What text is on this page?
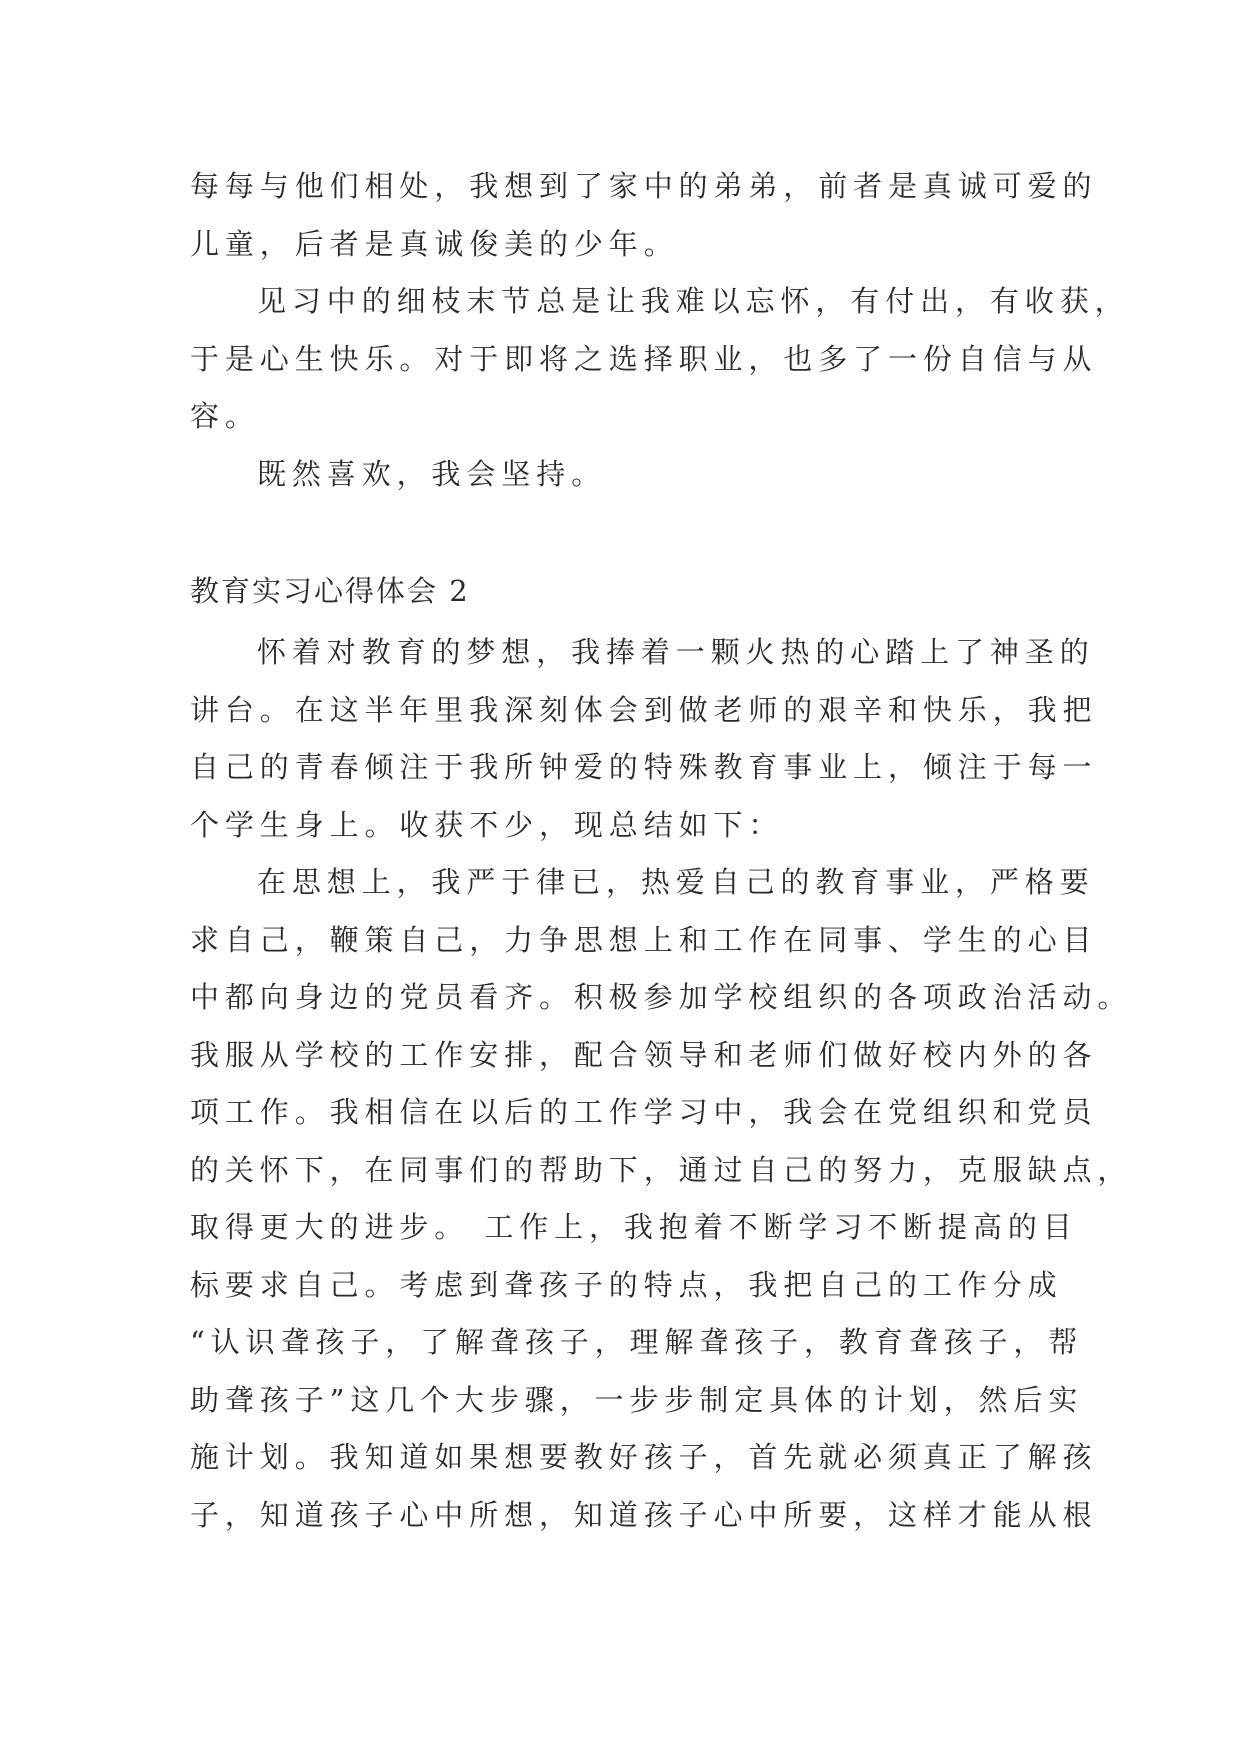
每每与他们相处，我想到了家中的弟弟，前者是真诚可爱的
儿童，后者是真诚俊美的少年。
见习中的细枝末节总是让我难以忘怀，有付出，有收获，
于是心生快乐。对于即将之选择职业，也多了一份自信与从
容。
既然喜欢，我会坚持。
教育实习心得体会 2
怀着对教育的梦想，我捧着一颗火热的心踏上了神圣的
讲台。在这半年里我深刻体会到做老师的艰辛和快乐，我把
自己的青春倾注于我所钟爱的特殊教育事业上，倾注于每一
个学生身上。收获不少，现总结如下：
在思想上，我严于律已，热爱自己的教育事业，严格要
求自己，鞭策自己，力争思想上和工作在同事、学生的心目
中都向身边的党员看齐。积极参加学校组织的各项政治活动。
我服从学校的工作安排，配合领导和老师们做好校内外的各
项工作。我相信在以后的工作学习中，我会在党组织和党员
的关怀下，在同事们的帮助下，通过自己的努力，克服缺点，
取得更大的进步。 工作上，我抱着不断学习不断提高的目
标要求自己。考虑到聋孩子的特点，我把自己的工作分成
“认识聋孩子，了解聋孩子，理解聋孩子，教育聋孩子，帮
助聋孩子”这几个大步骤，一步步制定具体的计划，然后实
施计划。我知道如果想要教好孩子，首先就必须真正了解孩
子，知道孩子心中所想，知道孩子心中所要，这样才能从根
